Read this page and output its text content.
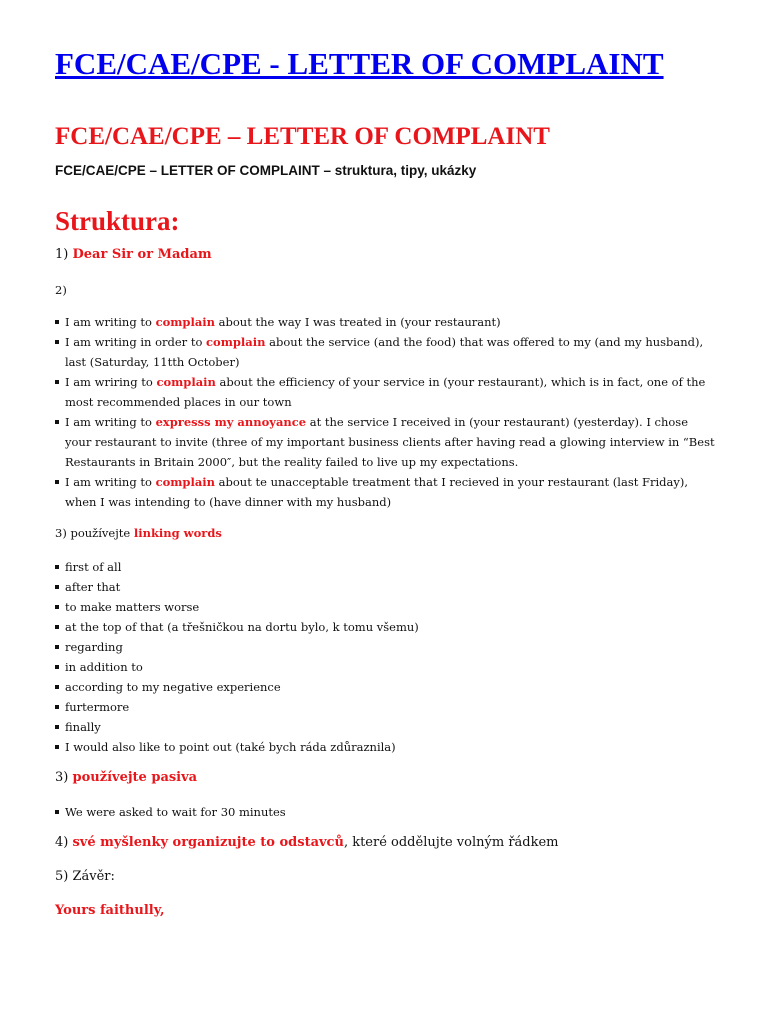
FCE/CAE/CPE - LETTER OF COMPLAINT
FCE/CAE/CPE – LETTER OF COMPLAINT
FCE/CAE/CPE – LETTER OF COMPLAINT – struktura, tipy, ukázky
Struktura:
1) Dear Sir or Madam
2)
I am writing to complain about the way I was treated in (your restaurant)
I am writing in order to complain about the service (and the food) that was offered to my (and my husband), last (Saturday, 11tth October)
I am wriring to complain about the efficiency of your service in (your restaurant), which is in fact, one of the most recommended places in our town
I am writing to expresss my annoyance at the service I received in (your restaurant) (yesterday). I chose your restaurant to invite (three of my important business clients after having read a glowing interview in “Best Restaurants in Britain 2000″, but the reality failed to live up my expectations.
I am writing to complain about te unacceptable treatment that I recieved in your restaurant (last Friday), when I was intending to (have dinner with my husband)
3) používejte linking words
first of all
after that
to make matters worse
at the top of that (a třešničkou na dortu bylo, k tomu všemu)
regarding
in addition to
according to my negative experience
furtermore
finally
I would also like to point out (také bych ráda zdůraznila)
3) používejte pasiva
We were asked to wait for 30 minutes
4) své myšlenky organizujte to odstavců, které oddělujte volným řádkem
5) Závěr:
Yours faithully,
